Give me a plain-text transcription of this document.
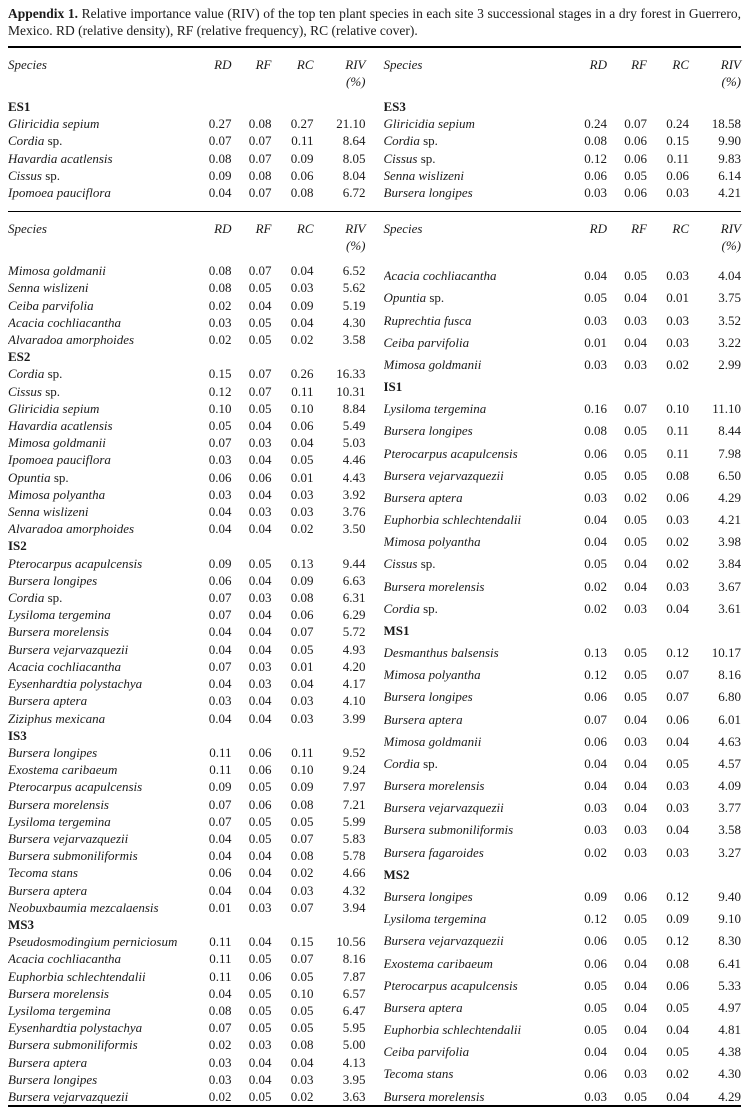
Appendix 1. Relative importance value (RIV) of the top ten plant species in each site 3 successional stages in a dry forest in Guerrero, Mexico. RD (relative density), RF (relative frequency), RC (relative cover).

Species	RD	RF	RC	RIV
(%)

ES1				
Gliricidia sepium	0.27	0.08	0.27	21.10
Cordia sp.	0.07	0.07	0.11	8.64
Havardia acatlensis	0.08	0.07	0.09	8.05
Cissus sp.	0.09	0.08	0.06	8.04
Ipomoea pauciflora	0.04	0.07	0.08	6.72
Species	RD	RF	RC	RIV
(%)

ES3				
Gliricidia sepium	0.24	0.07	0.24	18.58
Cordia sp.	0.08	0.06	0.15	9.90
Cissus sp.	0.12	0.06	0.11	9.83
Senna wislizeni	0.06	0.05	0.06	6.14
Bursera longipes	0.03	0.06	0.03	4.21
Species	RD	RF	RC	RIV
(%)

Mimosa goldmanii	0.08	0.07	0.04	6.52
Senna wislizeni	0.08	0.05	0.03	5.62
Ceiba parvifolia	0.02	0.04	0.09	5.19
Acacia cochliacantha	0.03	0.05	0.04	4.30
Alvaradoa amorphoides	0.02	0.05	0.02	3.58
ES2				
Cordia sp.	0.15	0.07	0.26	16.33
Cissus sp.	0.12	0.07	0.11	10.31
Gliricidia sepium	0.10	0.05	0.10	8.84
Havardia acatlensis	0.05	0.04	0.06	5.49
Mimosa goldmanii	0.07	0.03	0.04	5.03
Ipomoea pauciflora	0.03	0.04	0.05	4.46
Opuntia sp.	0.06	0.06	0.01	4.43
Mimosa polyantha	0.03	0.04	0.03	3.92
Senna wislizeni	0.04	0.03	0.03	3.76
Alvaradoa amorphoides	0.04	0.04	0.02	3.50
IS2				
Pterocarpus acapulcensis	0.09	0.05	0.13	9.44
Bursera longipes	0.06	0.04	0.09	6.63
Cordia sp.	0.07	0.03	0.08	6.31
Lysiloma tergemina	0.07	0.04	0.06	6.29
Bursera morelensis	0.04	0.04	0.07	5.72
Bursera vejarvazquezii	0.04	0.04	0.05	4.93
Acacia cochliacantha	0.07	0.03	0.01	4.20
Eysenhardtia polystachya	0.04	0.03	0.04	4.17
Bursera aptera	0.03	0.04	0.03	4.10
Ziziphus mexicana	0.04	0.04	0.03	3.99
IS3				
Bursera longipes	0.11	0.06	0.11	9.52
Exostema caribaeum	0.11	0.06	0.10	9.24
Pterocarpus acapulcensis	0.09	0.05	0.09	7.97
Bursera morelensis	0.07	0.06	0.08	7.21
Lysiloma tergemina	0.07	0.05	0.05	5.99
Bursera vejarvazquezii	0.04	0.05	0.07	5.83
Bursera submoniliformis	0.04	0.04	0.08	5.78
Tecoma stans	0.06	0.04	0.02	4.66
Bursera aptera	0.04	0.04	0.03	4.32
Neobuxbaumia mezcalaensis	0.01	0.03	0.07	3.94
MS3				
Pseudosmodingium perniciosum	0.11	0.04	0.15	10.56
Acacia cochliacantha	0.11	0.05	0.07	8.16
Euphorbia schlechtendalii	0.11	0.06	0.05	7.87
Bursera morelensis	0.04	0.05	0.10	6.57
Lysiloma tergemina	0.08	0.05	0.05	6.47
Eysenhardtia polystachya	0.07	0.05	0.05	5.95
Bursera submoniliformis	0.02	0.03	0.08	5.00
Bursera aptera	0.03	0.04	0.04	4.13
Bursera longipes	0.03	0.04	0.03	3.95
Bursera vejarvazquezii	0.02	0.05	0.02	3.63
Species	RD	RF	RC	RIV
(%)

Acacia cochliacantha	0.04	0.05	0.03	4.04
Opuntia sp.	0.05	0.04	0.01	3.75
Ruprechtia fusca	0.03	0.03	0.03	3.52
Ceiba parvifolia	0.01	0.04	0.03	3.22
Mimosa goldmanii	0.03	0.03	0.02	2.99
IS1				
Lysiloma tergemina	0.16	0.07	0.10	11.10
Bursera longipes	0.08	0.05	0.11	8.44
Pterocarpus acapulcensis	0.06	0.05	0.11	7.98
Bursera vejarvazquezii	0.05	0.05	0.08	6.50
Bursera aptera	0.03	0.02	0.06	4.29
Euphorbia schlechtendalii	0.04	0.05	0.03	4.21
Mimosa polyantha	0.04	0.05	0.02	3.98
Cissus sp.	0.05	0.04	0.02	3.84
Bursera morelensis	0.02	0.04	0.03	3.67
Cordia sp.	0.02	0.03	0.04	3.61
MS1				
Desmanthus balsensis	0.13	0.05	0.12	10.17
Mimosa polyantha	0.12	0.05	0.07	8.16
Bursera longipes	0.06	0.05	0.07	6.80
Bursera aptera	0.07	0.04	0.06	6.01
Mimosa goldmanii	0.06	0.03	0.04	4.63
Cordia sp.	0.04	0.04	0.05	4.57
Bursera morelensis	0.04	0.04	0.03	4.09
Bursera vejarvazquezii	0.03	0.04	0.03	3.77
Bursera submoniliformis	0.03	0.03	0.04	3.58
Bursera fagaroides	0.02	0.03	0.03	3.27
MS2				
Bursera longipes	0.09	0.06	0.12	9.40
Lysiloma tergemina	0.12	0.05	0.09	9.10
Bursera vejarvazquezii	0.06	0.05	0.12	8.30
Exostema caribaeum	0.06	0.04	0.08	6.41
Pterocarpus acapulcensis	0.05	0.04	0.06	5.33
Bursera aptera	0.05	0.04	0.05	4.97
Euphorbia schlechtendalii	0.05	0.04	0.04	4.81
Ceiba parvifolia	0.04	0.04	0.05	4.38
Tecoma stans	0.06	0.03	0.02	4.30
Bursera morelensis	0.03	0.05	0.04	4.29
